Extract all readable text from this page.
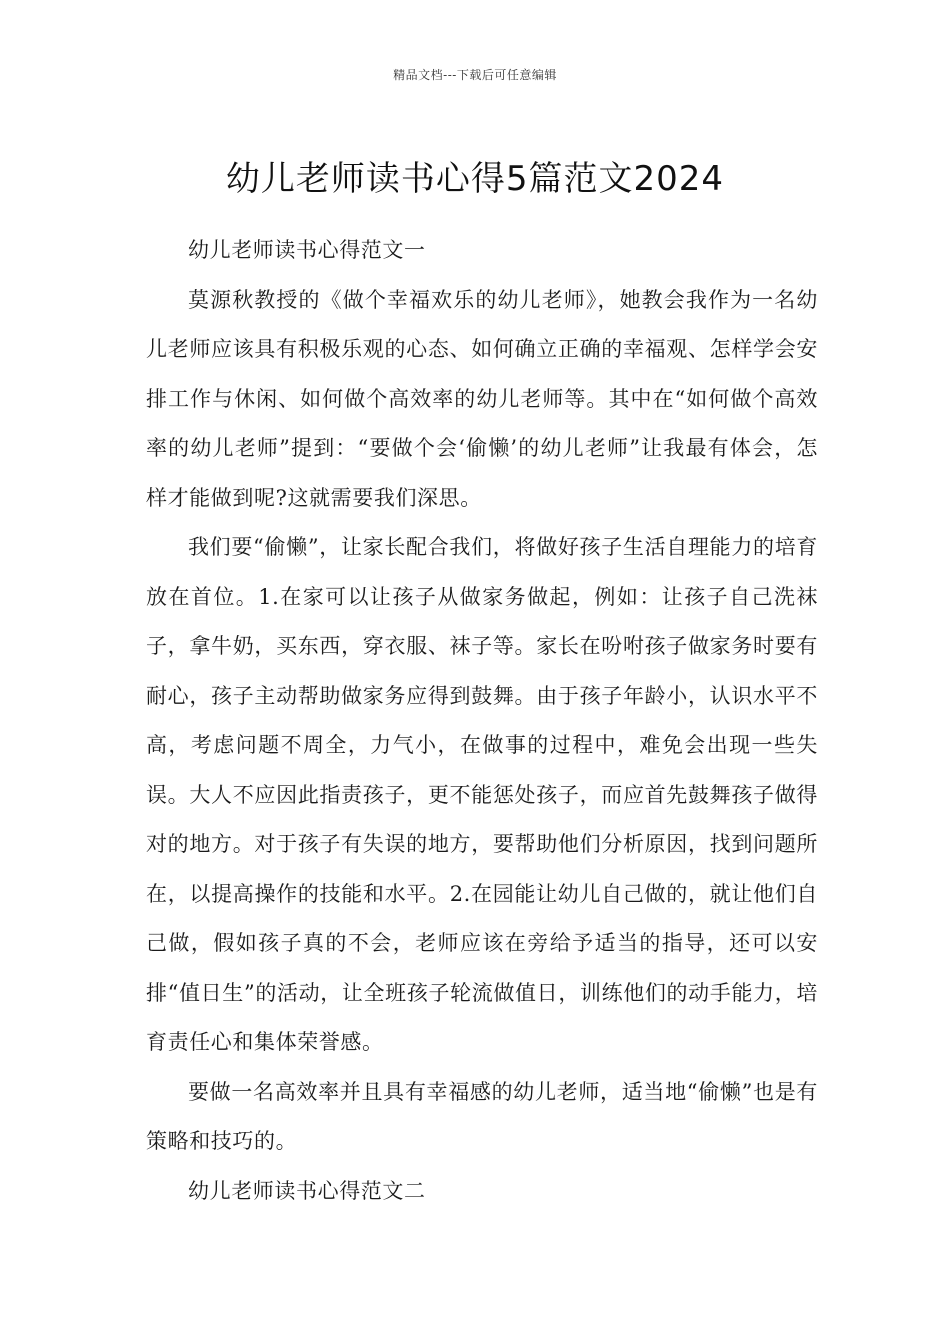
精品文档---下载后可任意编辑
幼儿老师读书心得5篇范文2024

幼儿老师读书心得范文一

莫源秋教授的《做个幸福欢乐的幼儿老师》，她教会我作为一名幼儿老师应该具有积极乐观的心态、如何确立正确的幸福观、怎样学会安排工作与休闲、如何做个高效率的幼儿老师等。其中在“如何做个高效率的幼儿老师”提到：“要做个会‘偷懒’的幼儿老师”让我最有体会，怎样才能做到呢?这就需要我们深思。

我们要“偷懒”，让家长配合我们，将做好孩子生活自理能力的培育放在首位。1.在家可以让孩子从做家务做起，例如：让孩子自己洗袜子，拿牛奶，买东西，穿衣服、袜子等。家长在吩咐孩子做家务时要有耐心，孩子主动帮助做家务应得到鼓舞。由于孩子年龄小，认识水平不高，考虑问题不周全，力气小，在做事的过程中，难免会出现一些失误。大人不应因此指责孩子，更不能惩处孩子，而应首先鼓舞孩子做得对的地方。对于孩子有失误的地方，要帮助他们分析原因，找到问题所在，以提高操作的技能和水平。2.在园能让幼儿自己做的，就让他们自己做，假如孩子真的不会，老师应该在旁给予适当的指导，还可以安排“值日生”的活动，让全班孩子轮流做值日，训练他们的动手能力，培育责任心和集体荣誉感。

要做一名高效率并且具有幸福感的幼儿老师，适当地“偷懒”也是有策略和技巧的。

幼儿老师读书心得范文二
